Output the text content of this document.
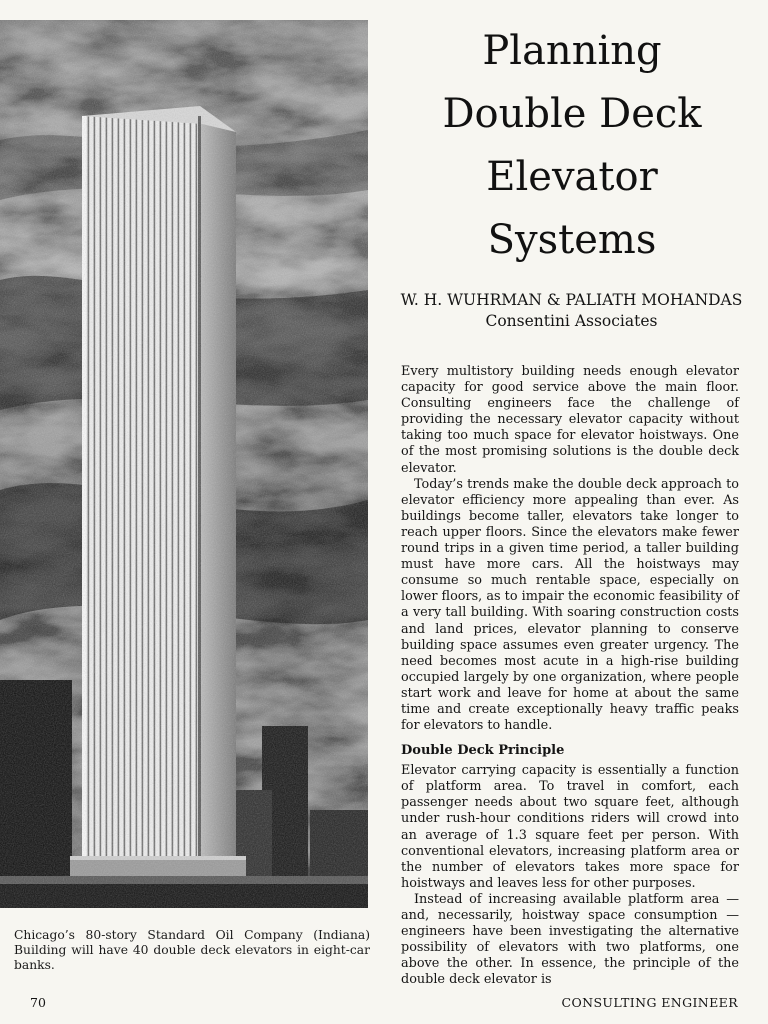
Chicago’s 80-story Standard Oil Company (Indiana) Building will have 40 double deck elevators in eight-car banks.

Planning
Double Deck
Elevator
Systems
W. H. WUHRMAN & PALIATH MOHANDAS
Consentini Associates

Every multistory building needs enough elevator capacity for good service above the main floor. Consulting engineers face the challenge of providing the necessary elevator capacity without taking too much space for elevator hoistways. One of the most promising solutions is the double deck elevator.

Today’s trends make the double deck approach to elevator efficiency more appealing than ever. As buildings become taller, elevators take longer to reach upper floors. Since the elevators make fewer round trips in a given time period, a taller building must have more cars. All the hoistways may consume so much rentable space, especially on lower floors, as to impair the economic feasibility of a very tall building. With soaring construction costs and land prices, elevator planning to conserve building space assumes even greater urgency. The need becomes most acute in a high-rise building occupied largely by one organization, where people start work and leave for home at about the same time and create exceptionally heavy traffic peaks for elevators to handle.

Double Deck Principle

Elevator carrying capacity is essentially a function of platform area. To travel in comfort, each passenger needs about two square feet, although under rush-hour conditions riders will crowd into an average of 1.3 square feet per person. With conventional elevators, increasing platform area or the number of elevators takes more space for hoistways and leaves less for other purposes.

Instead of increasing available platform area — and, necessarily, hoistway space consumption — engineers have been investigating the alternative possibility of elevators with two platforms, one above the other. In essence, the principle of the double deck elevator is

70	CONSULTING ENGINEER
